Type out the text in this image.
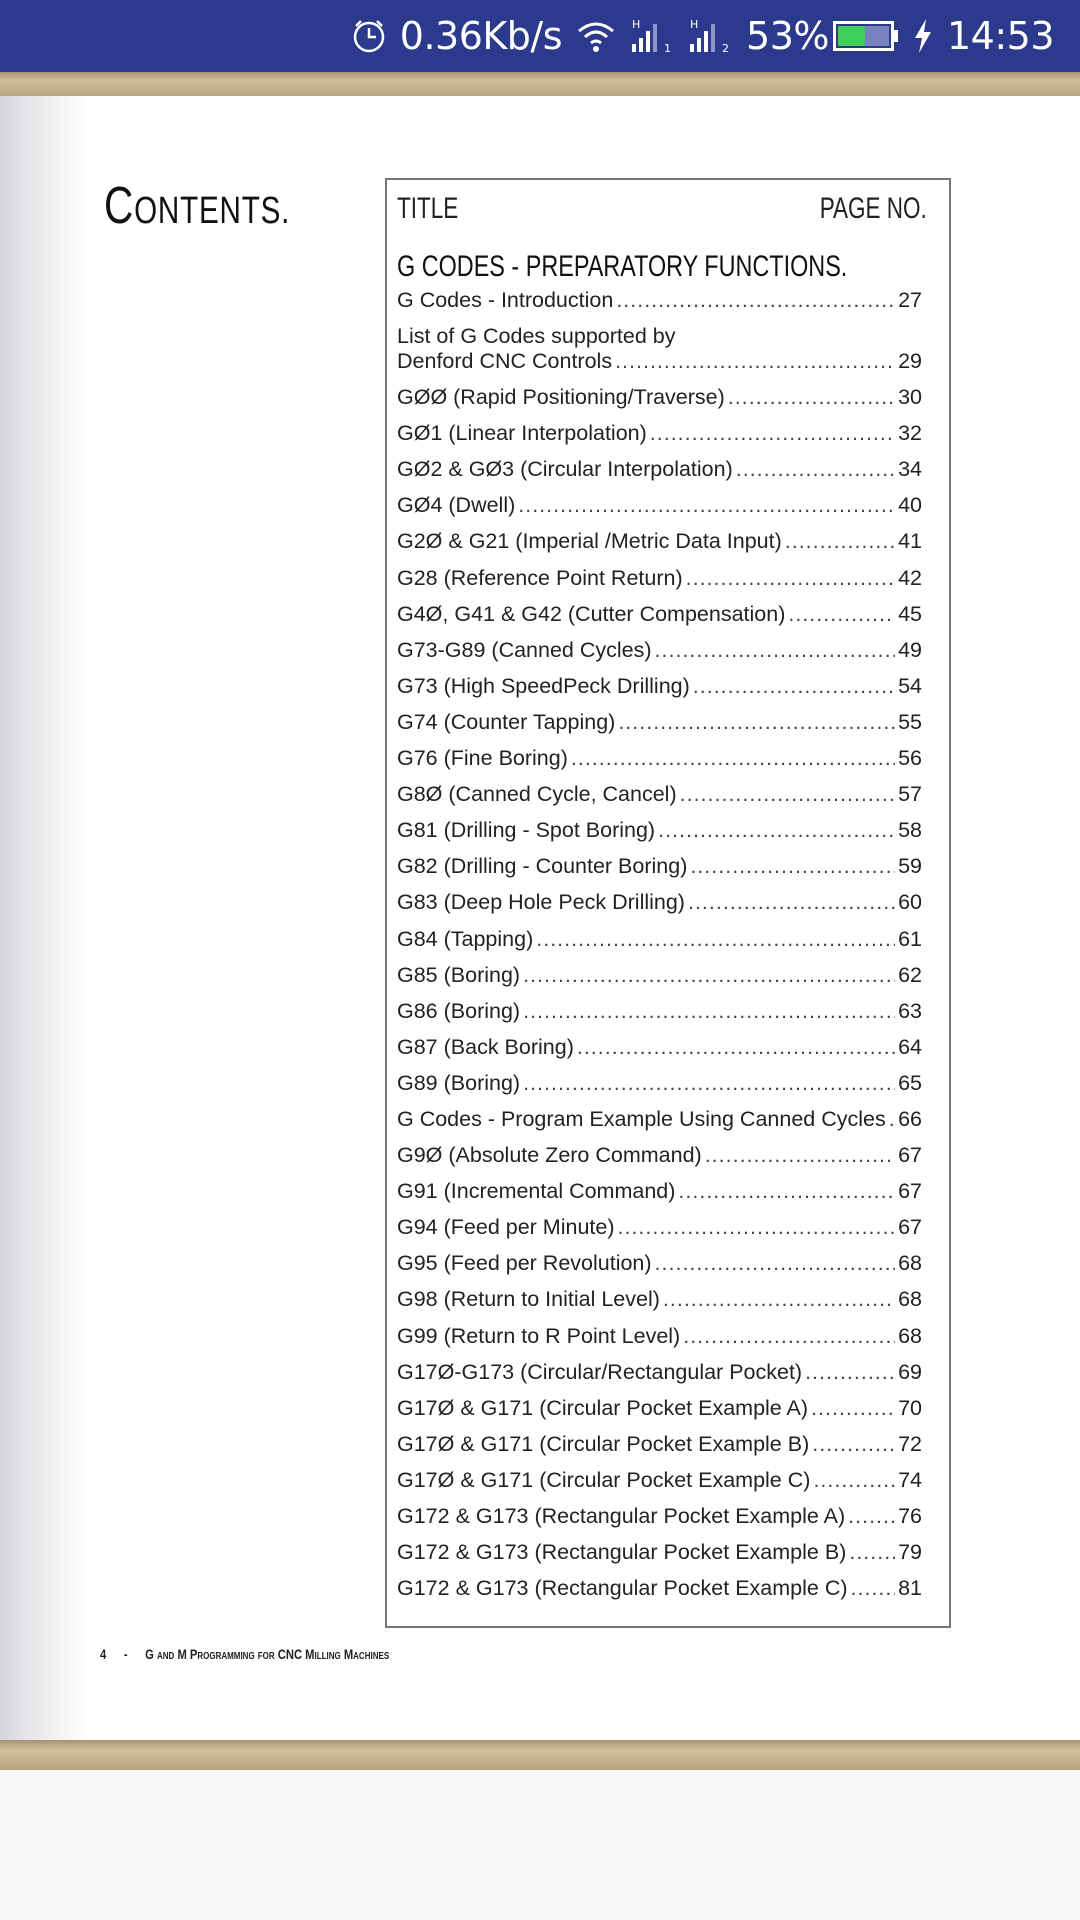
0.36Kb/s	H
1
H
2 53%	14:53
CONTENTS.	TITLE	PAGE NO.
G CODES - PREPARATORY FUNCTIONS.
G Codes - Introduction .....	27
List of G Codes supported by
Denford CNC Controls .....	29
GØØ (Rapid Positioning/Traverse) .....	30
GØ1 (Linear Interpolation) .....	32
GØ2 & GØ3 (Circular Interpolation) .....	34
GØ4 (Dwell) .....	40
G2Ø & G21 (Imperial /Metric Data Input) .....	41
G28 (Reference Point Return) .....	42
G4Ø, G41 & G42 (Cutter Compensation) .....	45
G73-G89 (Canned Cycles) .....	49
G73 (High SpeedPeck Drilling) .....	54
G74 (Counter Tapping) .....	55
G76 (Fine Boring) .....	56
G8Ø (Canned Cycle, Cancel) .....	57
G81 (Drilling - Spot Boring) .....	58
G82 (Drilling - Counter Boring) .....	59
G83 (Deep Hole Peck Drilling) .....	60
G84 (Tapping) .....	61
G85 (Boring) .....	62
G86 (Boring) .....	63
G87 (Back Boring) .....	64
G89 (Boring) .....	65
G Codes - Program Example Using Canned Cycles ..... 66
G9Ø (Absolute Zero Command) .....	67
G91 (Incremental Command) .....	67
G94 (Feed per Minute) .....	67
G95 (Feed per Revolution) .....	68
G98 (Return to Initial Level) .....	68
G99 (Return to R Point Level) .....	68
G17Ø-G173 (Circular/Rectangular Pocket) .....	69
G17Ø & G171 (Circular Pocket Example A) .....	70
G17Ø & G171 (Circular Pocket Example B) .....	72
G17Ø & G171 (Circular Pocket Example C) .....	74
G172 & G173 (Rectangular Pocket Example A) ..... 76
G172 & G173 (Rectangular Pocket Example B) ..... 79
G172 & G173 (Rectangular Pocket Example C) ..... 81
4 - G and M Programming for CNC Milling Machines
